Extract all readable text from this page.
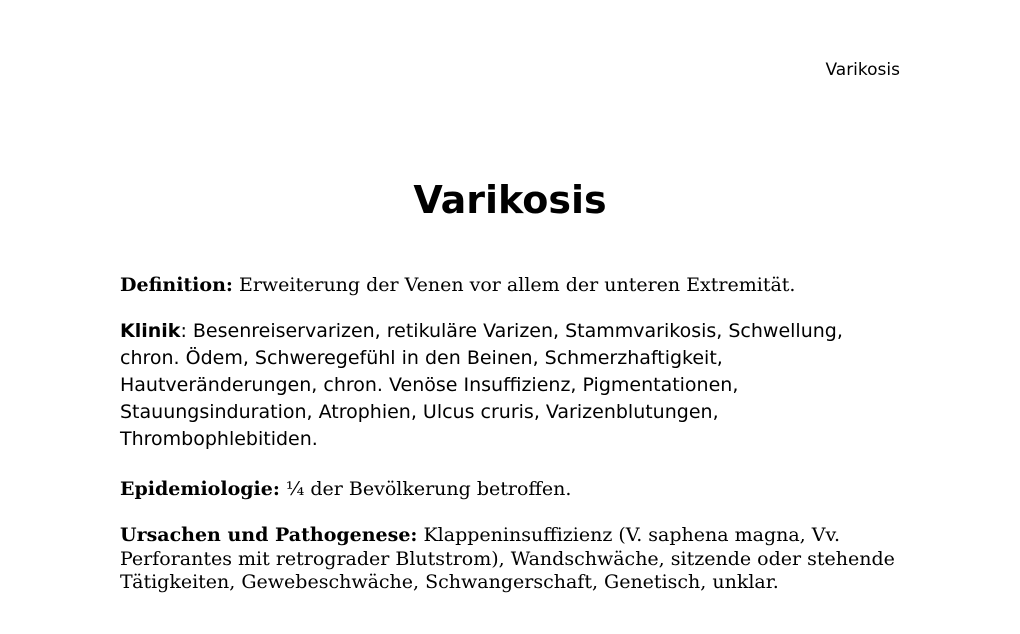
Varikosis
Varikosis

Definition: Erweiterung der Venen vor allem der unteren Extremität.

Klinik: Besenreiservarizen, retikuläre Varizen, Stammvarikosis, Schwellung, chron. Ödem, Schweregefühl in den Beinen, Schmerzhaftigkeit, Hautveränderungen, chron. Venöse Insuffizienz, Pigmentationen, Stauungsinduration, Atrophien, Ulcus cruris, Varizenblutungen, Thrombophlebitiden.

Epidemiologie: ¼ der Bevölkerung betroffen.

Ursachen und Pathogenese: Klappeninsuffizienz (V. saphena magna, Vv. Perforantes mit retrograder Blutstrom), Wandschwäche, sitzende oder stehende Tätigkeiten, Gewebeschwäche, Schwangerschaft, Genetisch, unklar.
